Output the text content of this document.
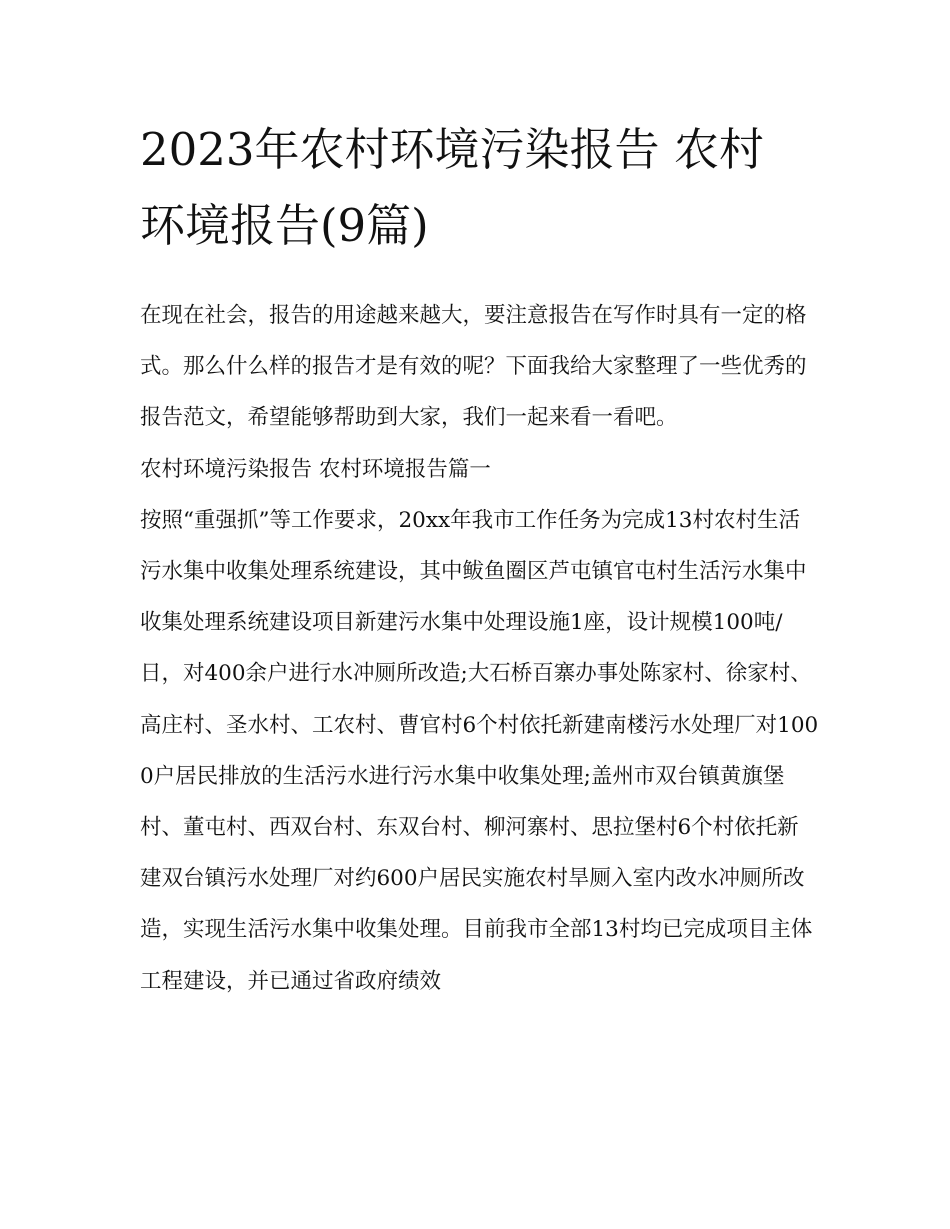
2023年农村环境污染报告 农村环境报告(9篇)

在现在社会，报告的用途越来越大，要注意报告在写作时具有一定的格式。那么什么样的报告才是有效的呢？下面我给大家整理了一些优秀的报告范文，希望能够帮助到大家，我们一起来看一看吧。

农村环境污染报告 农村环境报告篇一

按照“重强抓”等工作要求，20xx年我市工作任务为完成13村农村生活污水集中收集处理系统建设，其中鲅鱼圈区芦屯镇官屯村生活污水集中收集处理系统建设项目新建污水集中处理设施1座，设计规模100吨/日，对400余户进行水冲厕所改造;大石桥百寨办事处陈家村、徐家村、高庄村、圣水村、工农村、曹官村6个村依托新建南楼污水处理厂对1000户居民排放的生活污水进行污水集中收集处理;盖州市双台镇黄旗堡村、董屯村、西双台村、东双台村、柳河寨村、思拉堡村6个村依托新建双台镇污水处理厂对约600户居民实施农村旱厕入室内改水冲厕所改造，实现生活污水集中收集处理。目前我市全部13村均已完成项目主体工程建设，并已通过省政府绩效
